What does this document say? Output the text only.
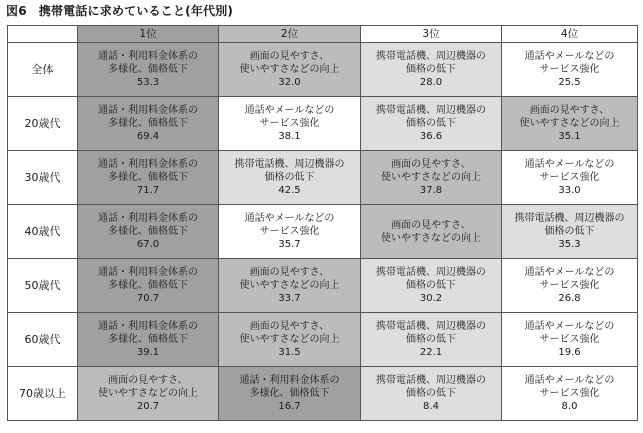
図6 携帯電話に求めていること(年代別)
	1位	2位	3位	4位
全体	通話・利用料金体系の
多様化、価格低下
53.3	画面の見やすさ、
使いやすさなどの向上
32.0	携帯電話機、周辺機器の
価格の低下
28.0	通話やメールなどの
サービス強化
25.5

20歳代	通話・利用料金体系の
多様化、価格低下
69.4	通話やメールなどの
サービス強化
38.1	携帯電話機、周辺機器の
価格の低下
36.6	画面の見やすさ、
使いやすさなどの向上
35.1

30歳代	通話・利用料金体系の
多様化、価格低下
71.7	携帯電話機、周辺機器の
価格の低下
42.5	画面の見やすさ、
使いやすさなどの向上
37.8	通話やメールなどの
サービス強化
33.0

40歳代	通話・利用料金体系の
多様化、価格低下
67.0	通話やメールなどの
サービス強化
35.7	画面の見やすさ、
使いやすさなどの向上	携帯電話機、周辺機器の
価格の低下
35.3

50歳代	通話・利用料金体系の
多様化、価格低下
70.7	画面の見やすさ、
使いやすさなどの向上
33.7	携帯電話機、周辺機器の
価格の低下
30.2	通話やメールなどの
サービス強化
26.8

60歳代	通話・利用料金体系の
多様化、価格低下
39.1	画面の見やすさ、
使いやすさなどの向上
31.5	携帯電話機、周辺機器の
価格の低下
22.1	通話やメールなどの
サービス強化
19.6

70歳以上	画面の見やすさ、
使いやすさなどの向上
20.7	通話・利用料金体系の
多様化、価格低下
16.7	携帯電話機、周辺機器の
価格の低下
8.4	通話やメールなどの
サービス強化
8.0
